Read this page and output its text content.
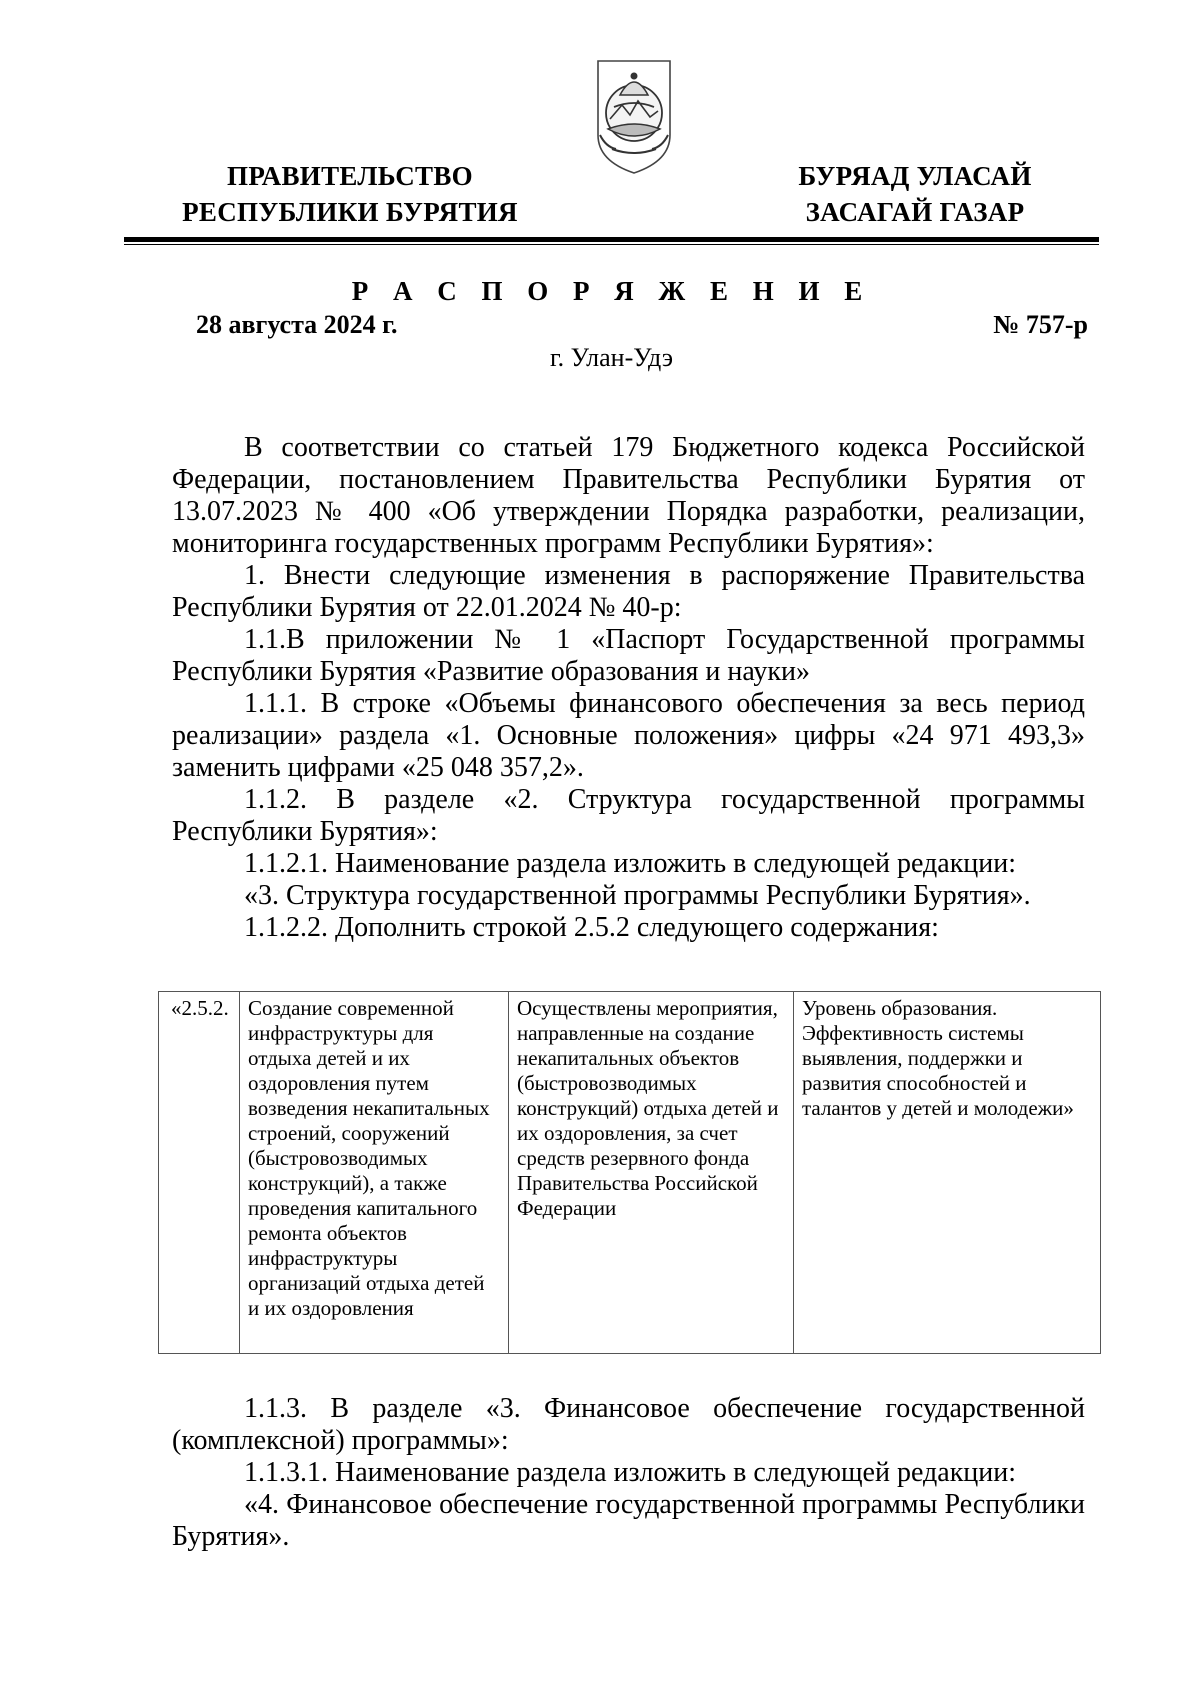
ПРАВИТЕЛЬСТВО
РЕСПУБЛИКИ БУРЯТИЯ
БУРЯАД УЛАСАЙ
ЗАСАГАЙ ГАЗАР
Р А С П О Р Я Ж Е Н И Е
28 августа 2024 г.	№ 757-р
г. Улан-Удэ

В соответствии со статьей 179 Бюджетного кодекса Российской Федерации, постановлением Правительства Республики Бурятия от 13.07.2023 № 400 «Об утверждении Порядка разработки, реализации, мониторинга государственных программ Республики Бурятия»:

1. Внести следующие изменения в распоряжение Правительства Республики Бурятия от 22.01.2024 № 40-р:

1.1.В приложении № 1 «Паспорт Государственной программы Республики Бурятия «Развитие образования и науки»

1.1.1. В строке «Объемы финансового обеспечения за весь период реализации» раздела «1. Основные положения» цифры «24 971 493,3» заменить цифрами «25 048 357,2».

1.1.2. В разделе «2. Структура государственной программы Республики Бурятия»:

1.1.2.1. Наименование раздела изложить в следующей редакции:

«3. Структура государственной программы Республики Бурятия».

1.1.2.2. Дополнить строкой 2.5.2 следующего содержания:

«2.5.2.	Создание современной инфраструктуры для отдыха детей и их оздоровления путем возведения некапитальных строений, сооружений (быстровозводимых конструкций), а также проведения капитального ремонта объектов инфраструктуры организаций отдыха детей и их оздоровления	Осуществлены мероприятия, направленные на создание некапитальных объектов (быстровозводимых конструкций) отдыха детей и их оздоровления, за счет средств резервного фонда Правительства Российской Федерации	Уровень образования. Эффективность системы выявления, поддержки и развития способностей и талантов у детей и молодежи»

1.1.3. В разделе «3. Финансовое обеспечение государственной (комплексной) программы»:

1.1.3.1. Наименование раздела изложить в следующей редакции:

«4. Финансовое обеспечение государственной программы Республики Бурятия».
